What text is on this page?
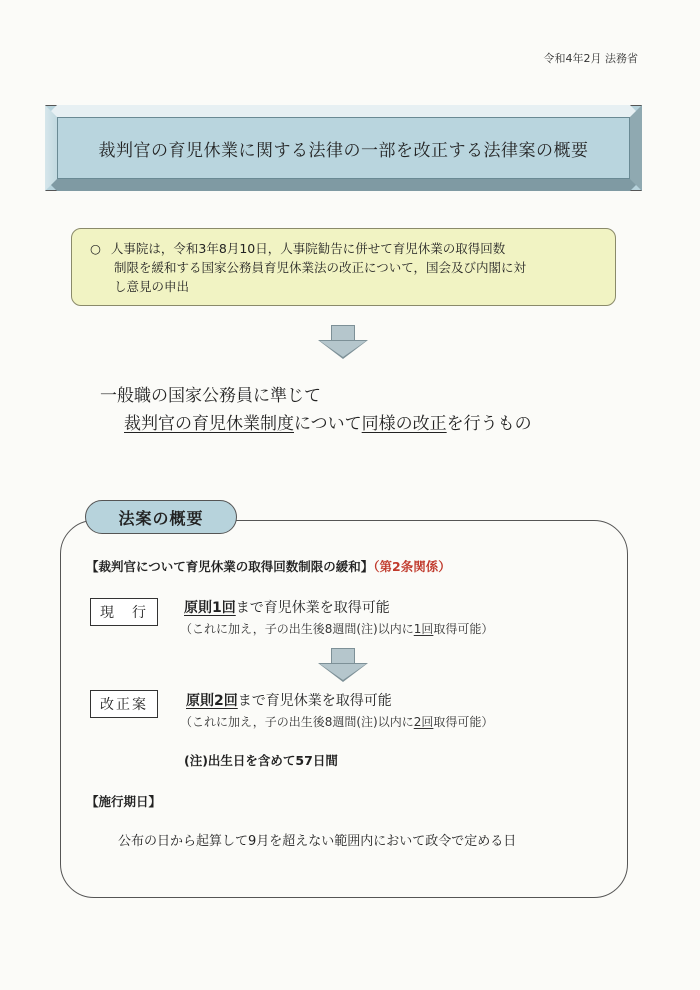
令和4年2月 法務省
裁判官の育児休業に関する法律の一部を改正する法律案の概要
○ 人事院は，令和3年8月10日，人事院勧告に併せて育児休業の取得回数
制限を緩和する国家公務員育児休業法の改正について，国会及び内閣に対
し意見の申出
一般職の国家公務員に準じて
裁判官の育児休業制度について同様の改正を行うもの
法案の概要
【裁判官について育児休業の取得回数制限の緩和】（第2条関係）
現　行	原則1回まで育児休業を取得可能
（これに加え，子の出生後8週間(注)以内に1回取得可能）
改正案	原則2回まで育児休業を取得可能
（これに加え，子の出生後8週間(注)以内に2回取得可能）
(注)出生日を含めて57日間
【施行期日】
公布の日から起算して9月を超えない範囲内において政令で定める日
